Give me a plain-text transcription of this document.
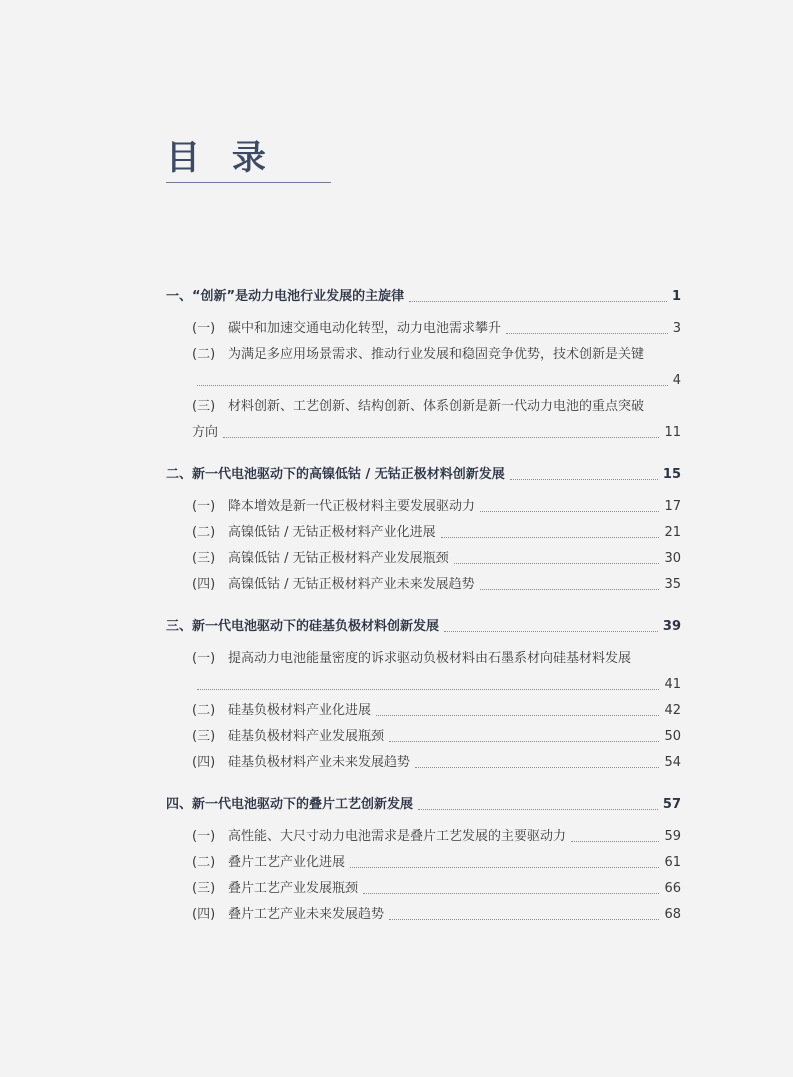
目 录
一、“创新”是动力电池行业发展的主旋律	1
(一) 碳中和加速交通电动化转型，动力电池需求攀升	3
(二) 为满足多应用场景需求、推动行业发展和稳固竞争优势，技术创新是关键
4
(三) 材料创新、工艺创新、结构创新、体系创新是新一代动力电池的重点突破
方向	11
二、新一代电池驱动下的高镍低钴 / 无钴正极材料创新发展	15
(一) 降本增效是新一代正极材料主要发展驱动力	17
(二) 高镍低钴 / 无钴正极材料产业化进展	21
(三) 高镍低钴 / 无钴正极材料产业发展瓶颈	30
(四) 高镍低钴 / 无钴正极材料产业未来发展趋势	35
三、新一代电池驱动下的硅基负极材料创新发展	39
(一) 提高动力电池能量密度的诉求驱动负极材料由石墨系材向硅基材料发展
41
(二) 硅基负极材料产业化进展	42
(三) 硅基负极材料产业发展瓶颈	50
(四) 硅基负极材料产业未来发展趋势	54
四、新一代电池驱动下的叠片工艺创新发展	57
(一) 高性能、大尺寸动力电池需求是叠片工艺发展的主要驱动力	59
(二) 叠片工艺产业化进展	61
(三) 叠片工艺产业发展瓶颈	66
(四) 叠片工艺产业未来发展趋势	68
